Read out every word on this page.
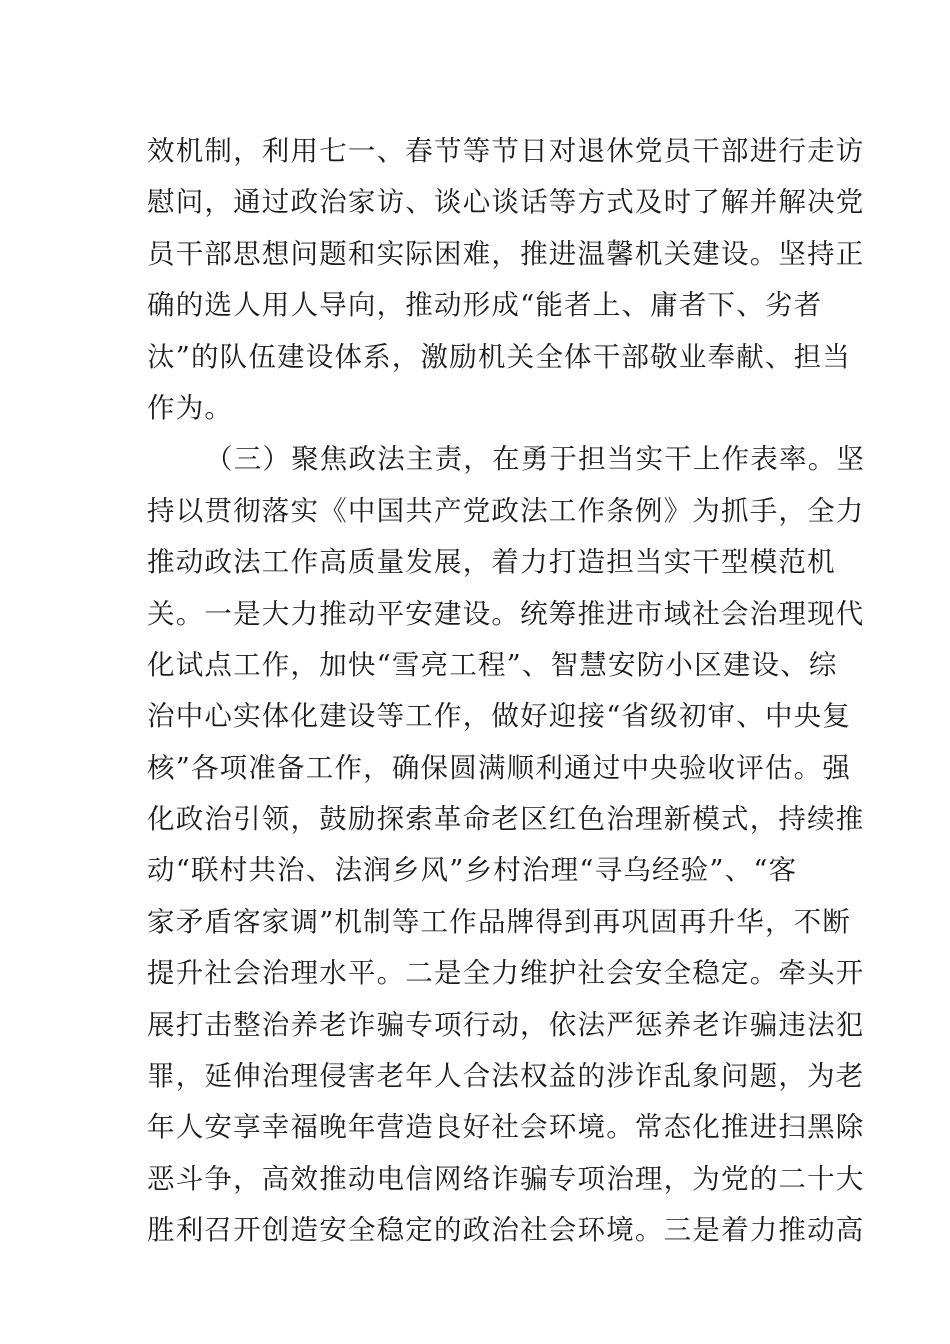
效机制，利用七一、春节等节日对退休党员干部进行走访
慰问，通过政治家访、谈心谈话等方式及时了解并解决党
员干部思想问题和实际困难，推进温馨机关建设。坚持正
确的选人用人导向，推动形成“能者上、庸者下、劣者
汰”的队伍建设体系，激励机关全体干部敬业奉献、担当
作为。
（三）聚焦政法主责，在勇于担当实干上作表率。坚
持以贯彻落实《中国共产党政法工作条例》为抓手，全力
推动政法工作高质量发展，着力打造担当实干型模范机
关。一是大力推动平安建设。统筹推进市域社会治理现代
化试点工作，加快“雪亮工程”、智慧安防小区建设、综
治中心实体化建设等工作，做好迎接“省级初审、中央复
核”各项准备工作，确保圆满顺利通过中央验收评估。强
化政治引领，鼓励探索革命老区红色治理新模式，持续推
动“联村共治、法润乡风”乡村治理“寻乌经验”、“客
家矛盾客家调”机制等工作品牌得到再巩固再升华，不断
提升社会治理水平。二是全力维护社会安全稳定。牵头开
展打击整治养老诈骗专项行动，依法严惩养老诈骗违法犯
罪，延伸治理侵害老年人合法权益的涉诈乱象问题，为老
年人安享幸福晚年营造良好社会环境。常态化推进扫黑除
恶斗争，高效推动电信网络诈骗专项治理，为党的二十大
胜利召开创造安全稳定的政治社会环境。三是着力推动高
